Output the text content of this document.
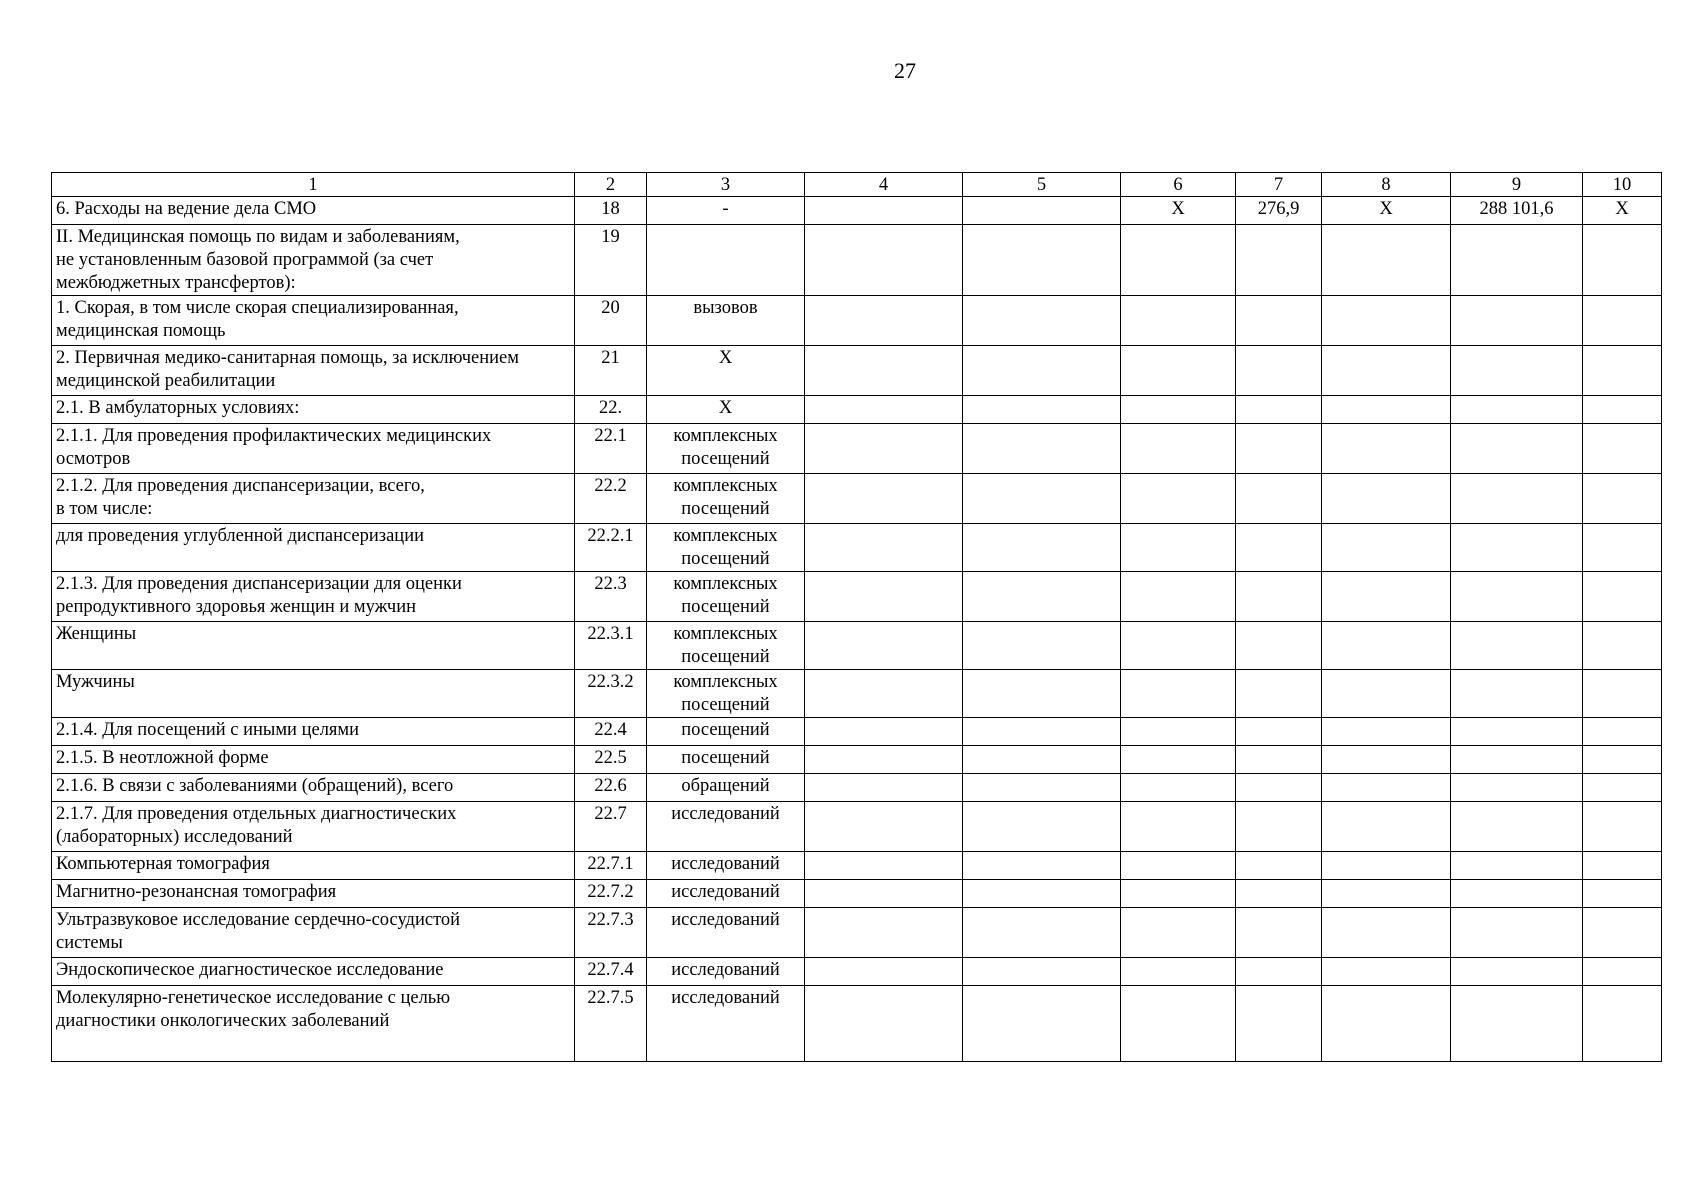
27
1	2	3	4	5	6	7	8	9	10
6. Расходы на ведение дела СМО	18	-			Х	276,9	Х	288 101,6	Х
II. Медицинская помощь по видам и заболеваниям,
не установленным базовой программой (за счет
межбюджетных трансфертов):	19								
1. Скорая, в том числе скорая специализированная,
медицинская помощь	20	вызовов							
2. Первичная медико-санитарная помощь, за исключением
медицинской реабилитации	21	Х							
2.1. В амбулаторных условиях:	22.	Х							
2.1.1. Для проведения профилактических медицинских
осмотров	22.1	комплексных
посещений							
2.1.2. Для проведения диспансеризации, всего,
в том числе:	22.2	комплексных
посещений							
для проведения углубленной диспансеризации	22.2.1	комплексных
посещений							
2.1.3. Для проведения диспансеризации для оценки
репродуктивного здоровья женщин и мужчин	22.3	комплексных
посещений							
Женщины	22.3.1	комплексных
посещений							
Мужчины	22.3.2	комплексных
посещений							
2.1.4. Для посещений с иными целями	22.4	посещений							
2.1.5. В неотложной форме	22.5	посещений							
2.1.6. В связи с заболеваниями (обращений), всего	22.6	обращений							
2.1.7. Для проведения отдельных диагностических
(лабораторных) исследований	22.7	исследований							
Компьютерная томография	22.7.1	исследований							
Магнитно-резонансная томография	22.7.2	исследований							
Ультразвуковое исследование сердечно-сосудистой
системы	22.7.3	исследований							
Эндоскопическое диагностическое исследование	22.7.4	исследований							
Молекулярно-генетическое исследование с целью
диагностики онкологических заболеваний	22.7.5	исследований							
